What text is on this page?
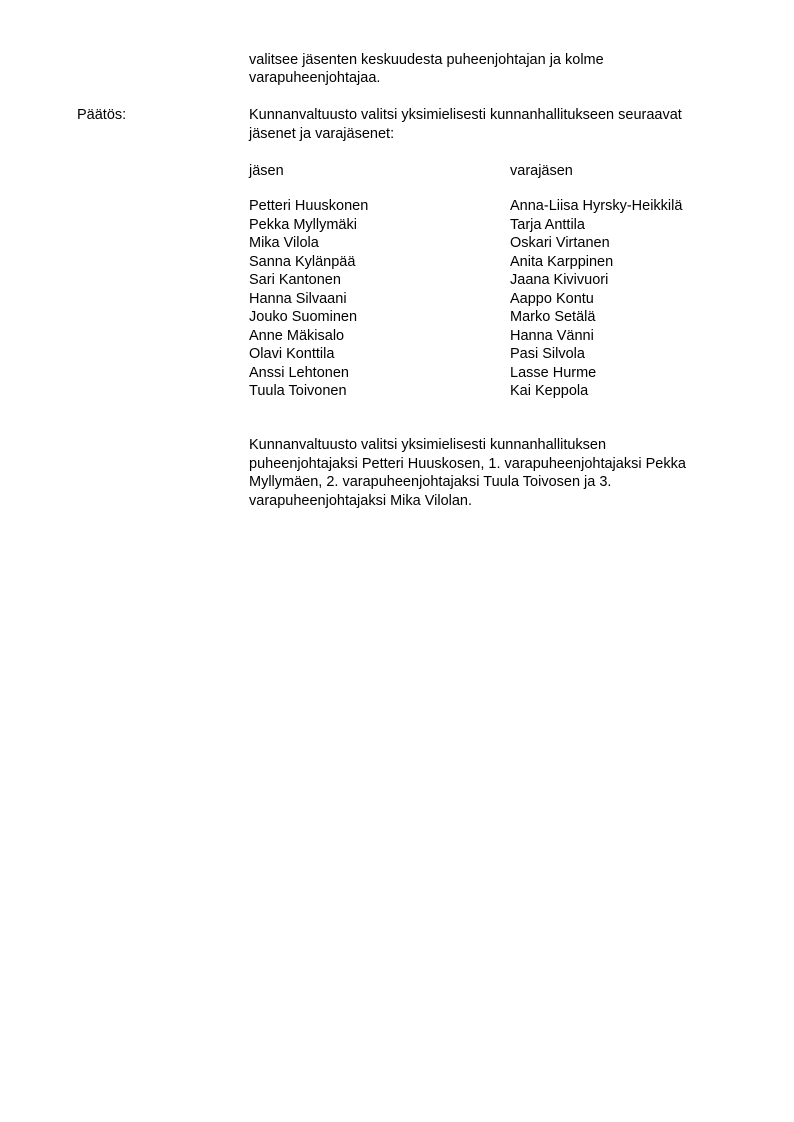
valitsee jäsenten keskuudesta puheenjohtajan ja kolme
varapuheenjohtajaa.
Päätös:	Kunnanvaltuusto valitsi yksimielisesti kunnanhallitukseen seuraavat
jäsenet ja varajäsenet:
jäsen	varajäsen
Petteri Huuskonen
Pekka Myllymäki
Mika Vilola
Sanna Kylänpää
Sari Kantonen
Hanna Silvaani
Jouko Suominen
Anne Mäkisalo
Olavi Konttila
Anssi Lehtonen
Tuula Toivonen
Anna-Liisa Hyrsky-Heikkilä
Tarja Anttila
Oskari Virtanen
Anita Karppinen
Jaana Kivivuori
Aappo Kontu
Marko Setälä
Hanna Vänni
Pasi Silvola
Lasse Hurme
Kai Keppola
Kunnanvaltuusto valitsi yksimielisesti kunnanhallituksen
puheenjohtajaksi Petteri Huuskosen, 1. varapuheenjohtajaksi Pekka
Myllymäen, 2. varapuheenjohtajaksi Tuula Toivosen ja 3.
varapuheenjohtajaksi Mika Vilolan.
